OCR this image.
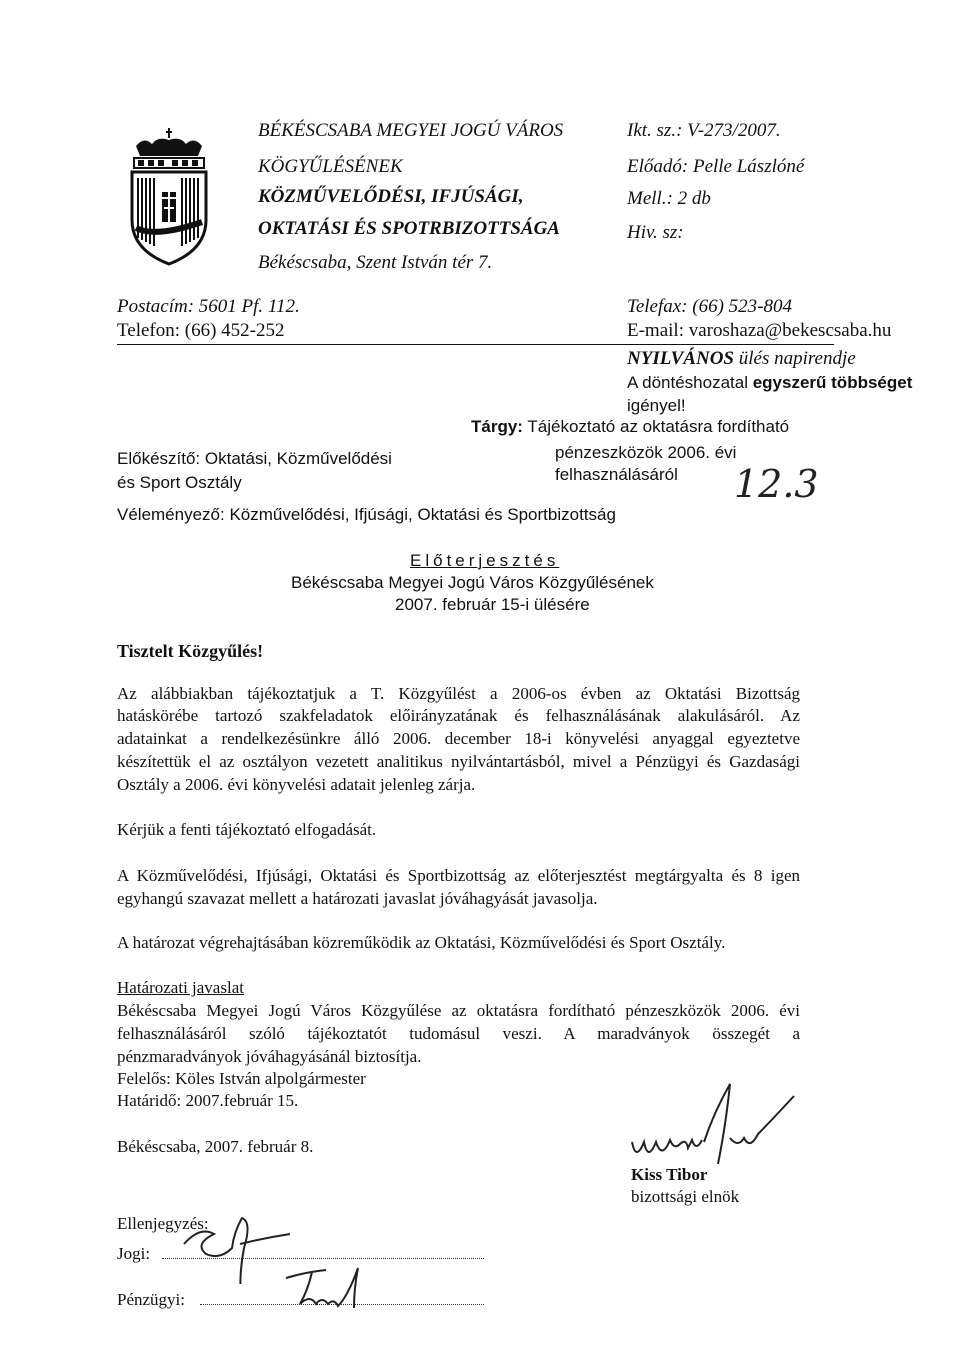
BÉKÉSCSABA MEGYEI JOGÚ VÁROS
KÖGYŰLÉSÉNEK
KÖZMŰVELŐDÉSI, IFJÚSÁGI,
OKTATÁSI ÉS SPOTRBIZOTTSÁGA
Békéscsaba, Szent István tér 7.
Ikt. sz.: V-273/2007.
Előadó: Pelle Lászlóné
Mell.: 2 db
Hiv. sz:
Postacím: 5601 Pf. 112.
Telefon: (66) 452-252
Telefax: (66) 523-804
E-mail: varoshaza@bekescsaba.hu
NYILVÁNOS ülés napirendje
A döntéshozatal egyszerű többséget
igényel!
Tárgy: Tájékoztató az oktatásra fordítható
pénzeszközök 2006. évi
felhasználásáról 12.3
Előkészítő: Oktatási, Közművelődési
és Sport Osztály
Véleményező: Közművelődési, Ifjúsági, Oktatási és Sportbizottság
Előterjesztés
Békéscsaba Megyei Jogú Város Közgyűlésének
2007. február 15-i ülésére
Tisztelt Közgyűlés!
Az alábbiakban tájékoztatjuk a T. Közgyűlést a 2006-os évben az Oktatási Bizottság
hatáskörébe tartozó szakfeladatok előirányzatának és felhasználásának alakulásáról. Az
adatainkat a rendelkezésünkre álló 2006. december 18-i könyvelési anyaggal egyeztetve
készítettük el az osztályon vezetett analitikus nyilvántartásból, mivel a Pénzügyi és Gazdasági
Osztály a 2006. évi könyvelési adatait jelenleg zárja.
Kérjük a fenti tájékoztató elfogadását.
A Közművelődési, Ifjúsági, Oktatási és Sportbizottság az előterjesztést megtárgyalta és 8 igen
egyhangú szavazat mellett a határozati javaslat jóváhagyását javasolja.
A határozat végrehajtásában közreműködik az Oktatási, Közművelődési és Sport Osztály.
Határozati javaslat
Békéscsaba Megyei Jogú Város Közgyűlése az oktatásra fordítható pénzeszközök 2006. évi
felhasználásáról szóló tájékoztatót tudomásul veszi. A maradványok összegét a
pénzmaradványok jóváhagyásánál biztosítja.
Felelős: Köles István alpolgármester
Határidő: 2007.február 15.
Békéscsaba, 2007. február 8.
Kiss Tibor
bizottsági elnök
Ellenjegyzés:
Jogi:
Pénzügyi:
